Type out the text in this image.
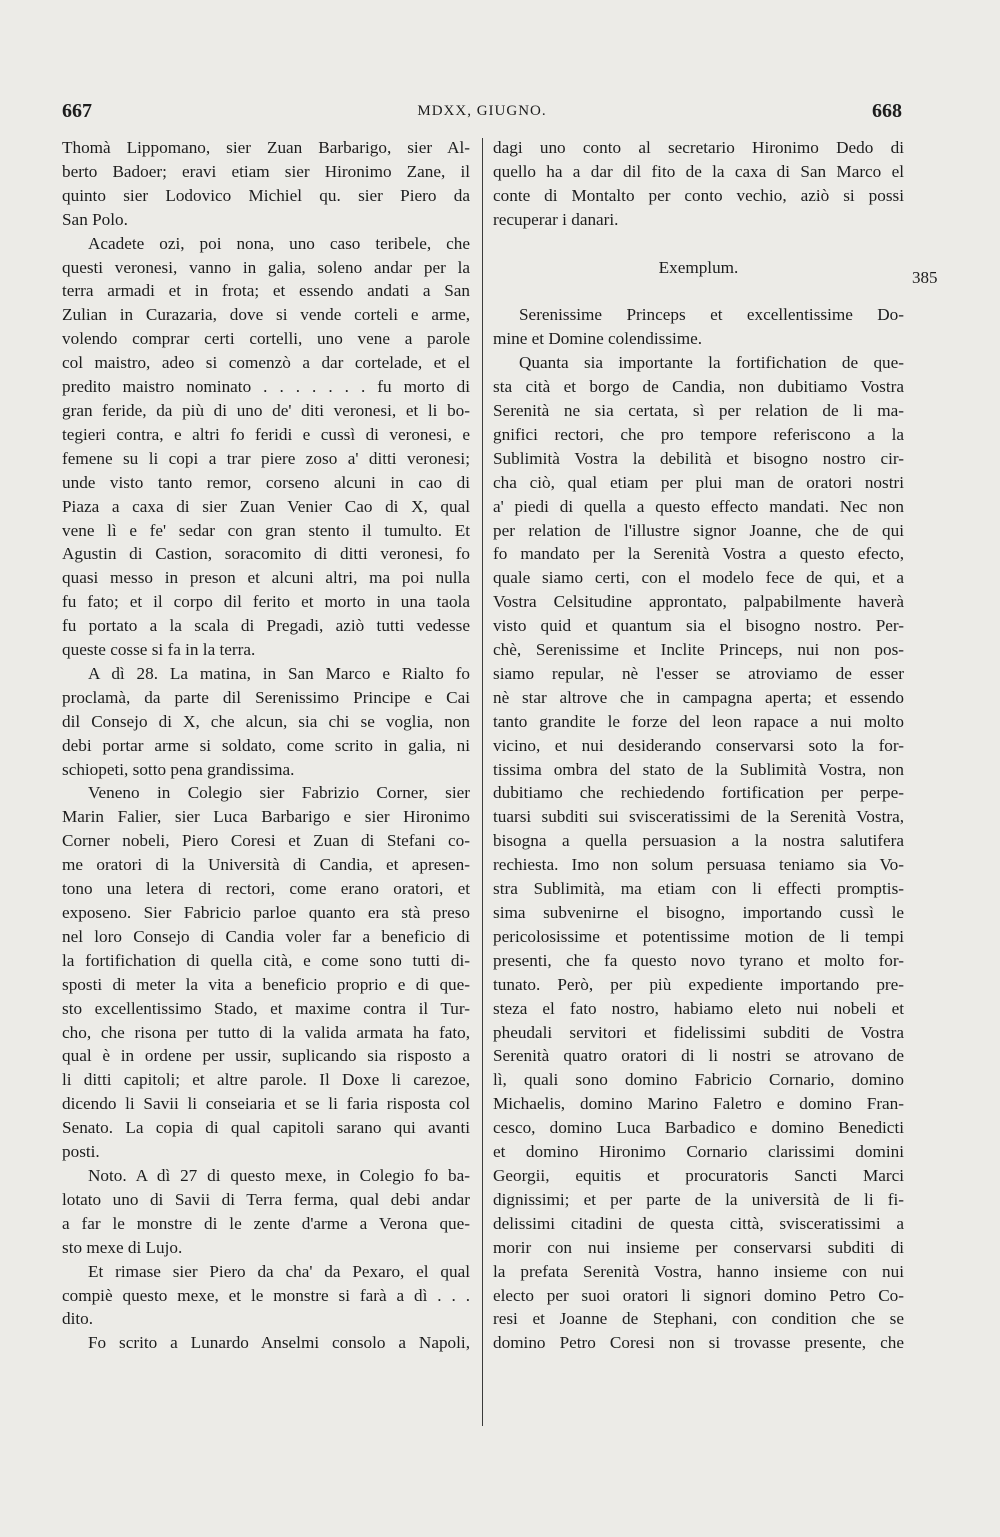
667	MDXX, GIUGNO.	668
Thomà Lippomano, sier Zuan Barbarigo, sier Al-
berto Badoer; eravi etiam sier Hironimo Zane, il
quinto sier Lodovico Michiel qu. sier Piero da
San Polo.
Acadete ozi, poi nona, uno caso teribele, che
questi veronesi, vanno in galia, soleno andar per la
terra armadi et in frota; et essendo andati a San
Zulian in Curazaria, dove si vende corteli e arme,
volendo comprar certi cortelli, uno vene a parole
col maistro, adeo si comenzò a dar cortelade, et el
predito maistro nominato . . . . . . . fu morto di
gran feride, da più di uno de' diti veronesi, et li bo-
tegieri contra, e altri fo feridi e cussì di veronesi, e
femene su li copi a trar piere zoso a' ditti veronesi;
unde visto tanto remor, corseno alcuni in cao di
Piaza a caxa di sier Zuan Venier Cao di X, qual
vene lì e fe' sedar con gran stento il tumulto. Et
Agustin di Castion, soracomito di ditti veronesi, fo
quasi messo in preson et alcuni altri, ma poi nulla
fu fato; et il corpo dil ferito et morto in una taola
fu portato a la scala di Pregadi, aziò tutti vedesse
queste cosse si fa in la terra.
A dì 28. La matina, in San Marco e Rialto fo
proclamà, da parte dil Serenissimo Principe e Cai
dil Consejo di X, che alcun, sia chi se voglia, non
debi portar arme si soldato, come scrito in galia, ni
schiopeti, sotto pena grandissima.
Veneno in Colegio sier Fabrizio Corner, sier
Marin Falier, sier Luca Barbarigo e sier Hironimo
Corner nobeli, Piero Coresi et Zuan di Stefani co-
me oratori di la Università di Candia, et apresen-
tono una letera di rectori, come erano oratori, et
exposeno. Sier Fabricio parloe quanto era stà preso
nel loro Consejo di Candia voler far a beneficio di
la fortifichation di quella cità, e come sono tutti di-
sposti di meter la vita a beneficio proprio e di que-
sto excellentissimo Stado, et maxime contra il Tur-
cho, che risona per tutto di la valida armata ha fato,
qual è in ordene per ussir, suplicando sia risposto a
li ditti capitoli; et altre parole. Il Doxe li carezoe,
dicendo li Savii li conseiaria et se li faria risposta col
Senato. La copia di qual capitoli sarano qui avanti
posti.
Noto. A dì 27 di questo mexe, in Colegio fo ba-
lotato uno di Savii di Terra ferma, qual debi andar
a far le monstre di le zente d'arme a Verona que-
sto mexe di Lujo.
Et rimase sier Piero da cha' da Pexaro, el qual
compiè questo mexe, et le monstre si farà a dì . . .
dito.
Fo scrito a Lunardo Anselmi consolo a Napoli,
dagi uno conto al secretario Hironimo Dedo di
quello ha a dar dil fito de la caxa di San Marco el
conte di Montalto per conto vechio, aziò si possi
recuperar i danari.

Exemplum.

Serenissime Princeps et excellentissime Do-
mine et Domine colendissime.
Quanta sia importante la fortifichation de que-
sta cità et borgo de Candia, non dubitiamo Vostra
Serenità ne sia certata, sì per relation de li ma-
gnifici rectori, che pro tempore referiscono a la
Sublimità Vostra la debilità et bisogno nostro cir-
cha ciò, qual etiam per plui man de oratori nostri
a' piedi di quella a questo effecto mandati. Nec non
per relation de l'illustre signor Joanne, che de qui
fo mandato per la Serenità Vostra a questo efecto,
quale siamo certi, con el modelo fece de qui, et a
Vostra Celsitudine approntato, palpabilmente haverà
visto quid et quantum sia el bisogno nostro. Per-
chè, Serenissime et Inclite Princeps, nui non pos-
siamo repular, nè l'esser se atroviamo de esser
nè star altrove che in campagna aperta; et essendo
tanto grandite le forze del leon rapace a nui molto
vicino, et nui desiderando conservarsi soto la for-
tissima ombra del stato de la Sublimità Vostra, non
dubitiamo che rechiedendo fortification per perpe-
tuarsi subditi sui svisceratissimi de la Serenità Vostra,
bisogna a quella persuasion a la nostra salutifera
rechiesta. Imo non solum persuasa teniamo sia Vo-
stra Sublimità, ma etiam con li effecti promptis-
sima subvenirne el bisogno, importando cussì le
pericolosissime et potentissime motion de li tempi
presenti, che fa questo novo tyrano et molto for-
tunato. Però, per più expediente importando pre-
steza el fato nostro, habiamo eleto nui nobeli et
pheudali servitori et fidelissimi subditi de Vostra
Serenità quatro oratori di li nostri se atrovano de
lì, quali sono domino Fabricio Cornario, domino
Michaelis, domino Marino Faletro e domino Fran-
cesco, domino Luca Barbadico e domino Benedicti
et domino Hironimo Cornario clarissimi domini
Georgii, equitis et procuratoris Sancti Marci
dignissimi; et per parte de la università de li fi-
delissimi citadini de questa città, svisceratissimi a
morir con nui insieme per conservarsi subditi di
la prefata Serenità Vostra, hanno insieme con nui
electo per suoi oratori li signori domino Petro Co-
resi et Joanne de Stephani, con condition che se
domino Petro Coresi non si trovasse presente, che
385
